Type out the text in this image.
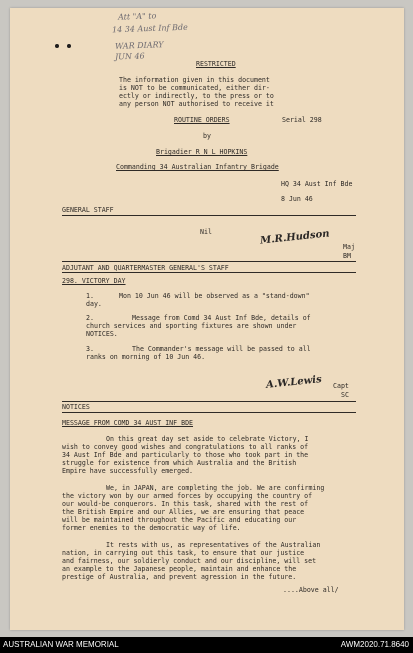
Att "A" to
14 34 Aust Inf Bde
WAR DIARY
JUN 46
RESTRICTED
The information given in this document
is NOT to be communicated, either dir-
ectly or indirectly, to the press or to
any person NOT authorised to receive it
ROUTINE ORDERS	Serial 298
by
Brigadier R N L HOPKINS
Commanding 34 Australian Infantry Brigade
HQ 34 Aust Inf Bde
8 Jun 46
GENERAL STAFF
Nil	M.R.Hudson
Maj
BM
ADJUTANT AND QUARTERMASTER GENERAL'S STAFF
298. VICTORY DAY
1.	Mon 10 Jun 46 will be observed as a "stand-down"
day.
2.	Message from Comd 34 Aust Inf Bde, details of
church services and sporting fixtures are shown under
NOTICES.
3.	The Commander's message will be passed to all
ranks on morning of 10 Jun 46.
A.W.Lewis Capt
SC
NOTICES
MESSAGE FROM COMD 34 AUST INF BDE
On this great day set aside to celebrate Victory, I
wish to convey good wishes and congratulations to all ranks of
34 Aust Inf Bde and particularly to those who took part in the
struggle for existence from which Australia and the British
Empire have successfully emerged.
We, in JAPAN, are completing the job. We are confirming
the victory won by our armed forces by occupying the country of
our would-be conquerors. In this task, shared with the rest of
the British Empire and our Allies, we are ensuring that peace
will be maintained throughout the Pacific and educating our
former enemies to the democratic way of life.
It rests with us, as representatives of the Australian
nation, in carrying out this task, to ensure that our justice
and fairness, our soldierly conduct and our discipline, will set
an example to the Japanese people, maintain and enhance the
prestige of Australia, and prevent agression in the future.
....Above all/
AUSTRALIAN WAR MEMORIAL	AWM2020.71.8640
